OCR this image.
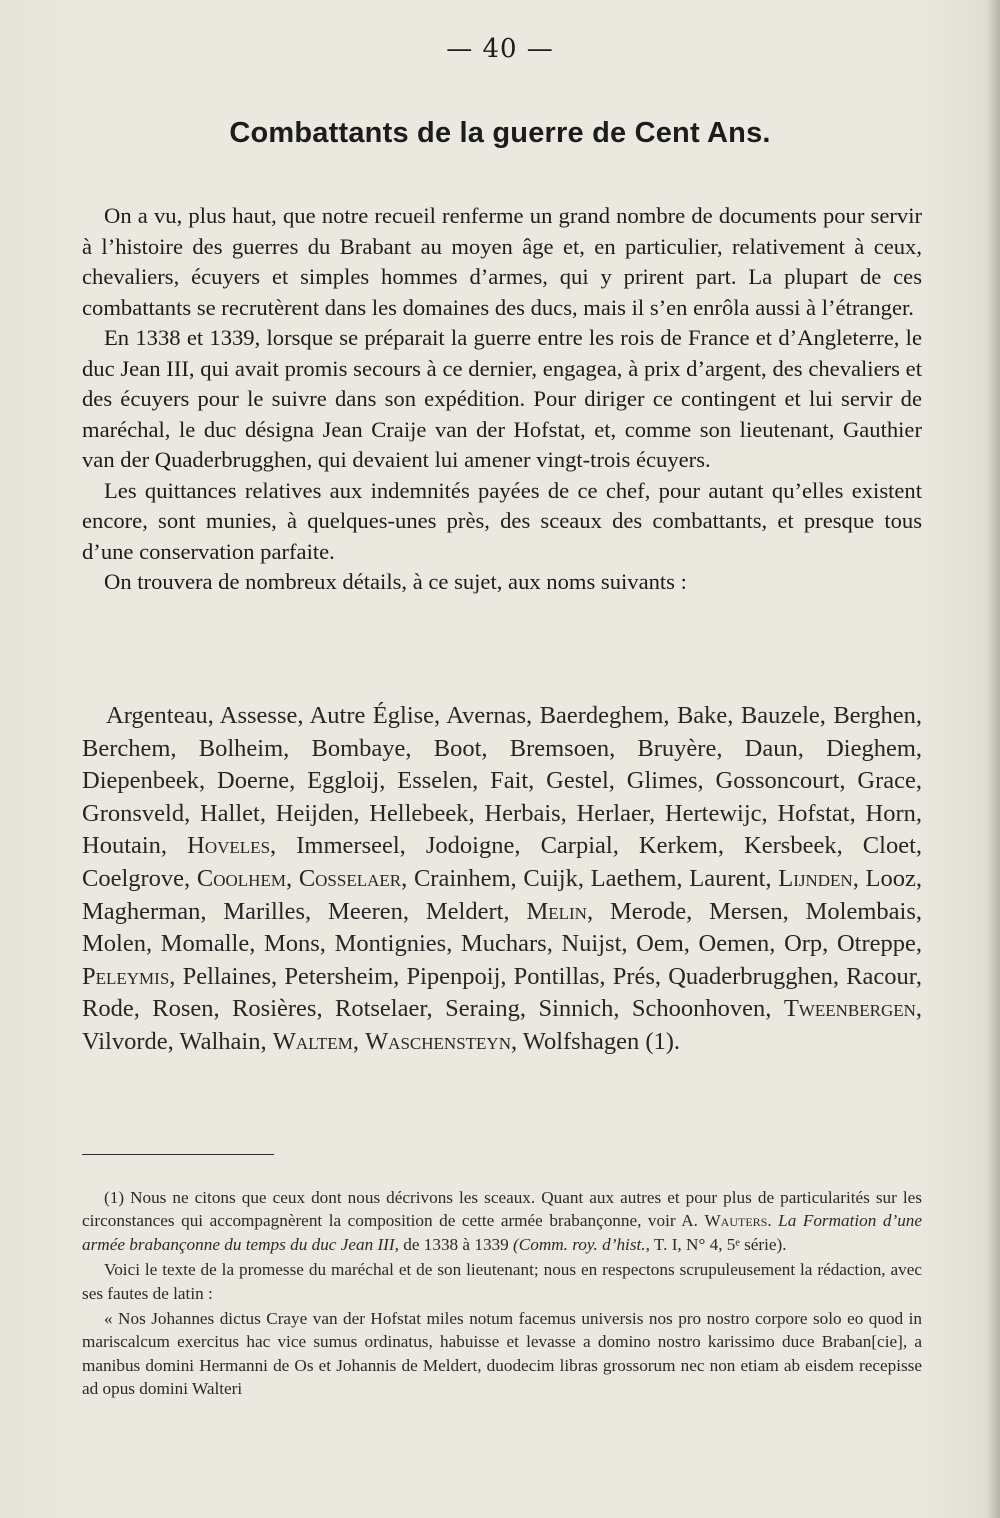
— 40 —
Combattants de la guerre de Cent Ans.

On a vu, plus haut, que notre recueil renferme un grand nombre de documents pour servir à l’histoire des guerres du Brabant au moyen âge et, en particulier, relativement à ceux, chevaliers, écuyers et simples hommes d’armes, qui y prirent part. La plupart de ces combattants se recrutèrent dans les domaines des ducs, mais il s’en enrôla aussi à l’étranger.

En 1338 et 1339, lorsque se préparait la guerre entre les rois de France et d’Angleterre, le duc Jean III, qui avait promis secours à ce dernier, engagea, à prix d’argent, des chevaliers et des écuyers pour le suivre dans son expédition. Pour diriger ce contingent et lui servir de maréchal, le duc désigna Jean Craije van der Hofstat, et, comme son lieutenant, Gauthier van der Quaderbrugghen, qui devaient lui amener vingt-trois écuyers.

Les quittances relatives aux indemnités payées de ce chef, pour autant qu’elles existent encore, sont munies, à quelques-unes près, des sceaux des combattants, et presque tous d’une conservation parfaite.

On trouvera de nombreux détails, à ce sujet, aux noms suivants :

Argenteau, Assesse, Autre Église, Avernas, Baerdeghem, Bake, Bauzele, Berghen, Berchem, Bolheim, Bombaye, Boot, Bremsoen, Bruyère, Daun, Dieghem, Diepenbeek, Doerne, Eggloij, Esselen, Fait, Gestel, Glimes, Gossoncourt, Grace, Gronsveld, Hallet, Heijden, Hellebeek, Herbais, Herlaer, Hertewijc, Hofstat, Horn, Houtain, Hoveles, Immerseel, Jodoigne, Carpial, Kerkem, Kersbeek, Cloet, Coelgrove, Coolhem, Cosselaer, Crainhem, Cuijk, Laethem, Laurent, Lijnden, Looz, Magherman, Marilles, Meeren, Meldert, Melin, Merode, Mersen, Molembais, Molen, Momalle, Mons, Montignies, Muchars, Nuijst, Oem, Oemen, Orp, Otreppe, Peleymis, Pellaines, Petersheim, Pipenpoij, Pontillas, Prés, Quaderbrugghen, Racour, Rode, Rosen, Rosières, Rotselaer, Seraing, Sinnich, Schoonhoven, Tweenbergen, Vilvorde, Walhain, Waltem, Waschensteyn, Wolfshagen (1).

(1) Nous ne citons que ceux dont nous décrivons les sceaux. Quant aux autres et pour plus de particularités sur les circonstances qui accompagnèrent la composition de cette armée brabançonne, voir A. Wauters. La Formation d’une armée brabançonne du temps du duc Jean III, de 1338 à 1339 (Comm. roy. d’hist., T. I, N° 4, 5ᵉ série).

Voici le texte de la promesse du maréchal et de son lieutenant; nous en respectons scrupuleusement la rédaction, avec ses fautes de latin :

« Nos Johannes dictus Craye van der Hofstat miles notum facemus universis nos pro nostro corpore solo eo quod in mariscalcum exercitus hac vice sumus ordinatus, habuisse et levasse a domino nostro karissimo duce Braban[cie], a manibus domini Hermanni de Os et Johannis de Meldert, duodecim libras grossorum nec non etiam ab eisdem recepisse ad opus domini Walteri
